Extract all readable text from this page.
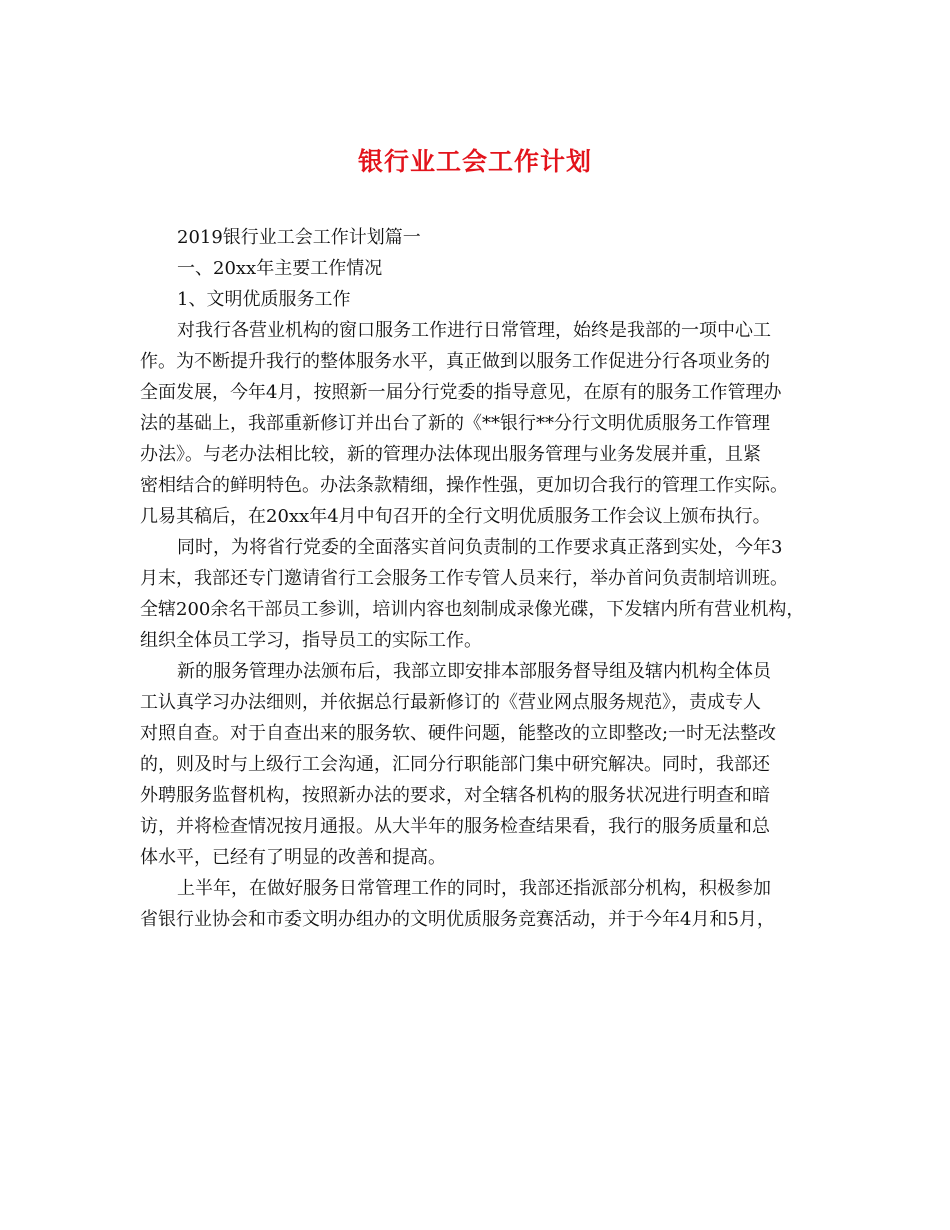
银行业工会工作计划

2019银行业工会工作计划篇一

一、20xx年主要工作情况

1、文明优质服务工作

对我行各营业机构的窗口服务工作进行日常管理，始终是我部的一项中心工
作。为不断提升我行的整体服务水平，真正做到以服务工作促进分行各项业务的
全面发展，今年4月，按照新一届分行党委的指导意见，在原有的服务工作管理办
法的基础上，我部重新修订并出台了新的《**银行**分行文明优质服务工作管理
办法》。与老办法相比较，新的管理办法体现出服务管理与业务发展并重，且紧
密相结合的鲜明特色。办法条款精细，操作性强，更加切合我行的管理工作实际。
几易其稿后，在20xx年4月中旬召开的全行文明优质服务工作会议上颁布执行。

同时，为将省行党委的全面落实首问负责制的工作要求真正落到实处，今年3
月末，我部还专门邀请省行工会服务工作专管人员来行，举办首问负责制培训班。
全辖200余名干部员工参训，培训内容也刻制成录像光碟，下发辖内所有营业机构，
组织全体员工学习，指导员工的实际工作。

新的服务管理办法颁布后，我部立即安排本部服务督导组及辖内机构全体员
工认真学习办法细则，并依据总行最新修订的《营业网点服务规范》，责成专人
对照自查。对于自查出来的服务软、硬件问题，能整改的立即整改;一时无法整改
的，则及时与上级行工会沟通，汇同分行职能部门集中研究解决。同时，我部还
外聘服务监督机构，按照新办法的要求，对全辖各机构的服务状况进行明查和暗
访，并将检查情况按月通报。从大半年的服务检查结果看，我行的服务质量和总
体水平，已经有了明显的改善和提高。

上半年，在做好服务日常管理工作的同时，我部还指派部分机构，积极参加
省银行业协会和市委文明办组办的文明优质服务竞赛活动，并于今年4月和5月，
